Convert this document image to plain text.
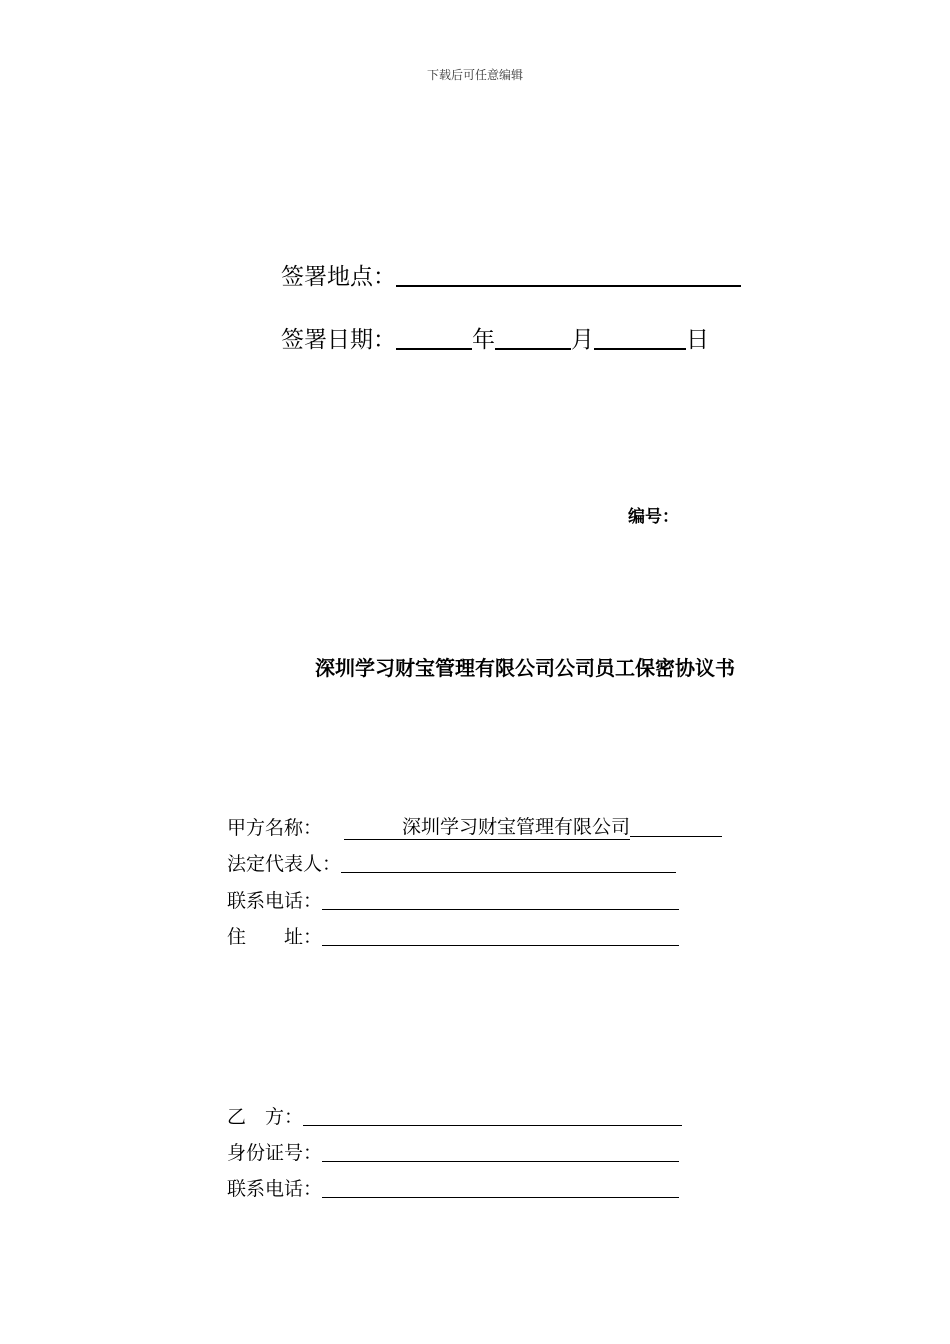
下载后可任意编辑
签署地点：
签署日期：	年	月	日
编号：
深圳学习财宝管理有限公司公司员工保密协议书
甲方名称：	深圳学习财宝管理有限公司
法定代表人：
联系电话：
住　　址：
乙　方：
身份证号：
联系电话：
